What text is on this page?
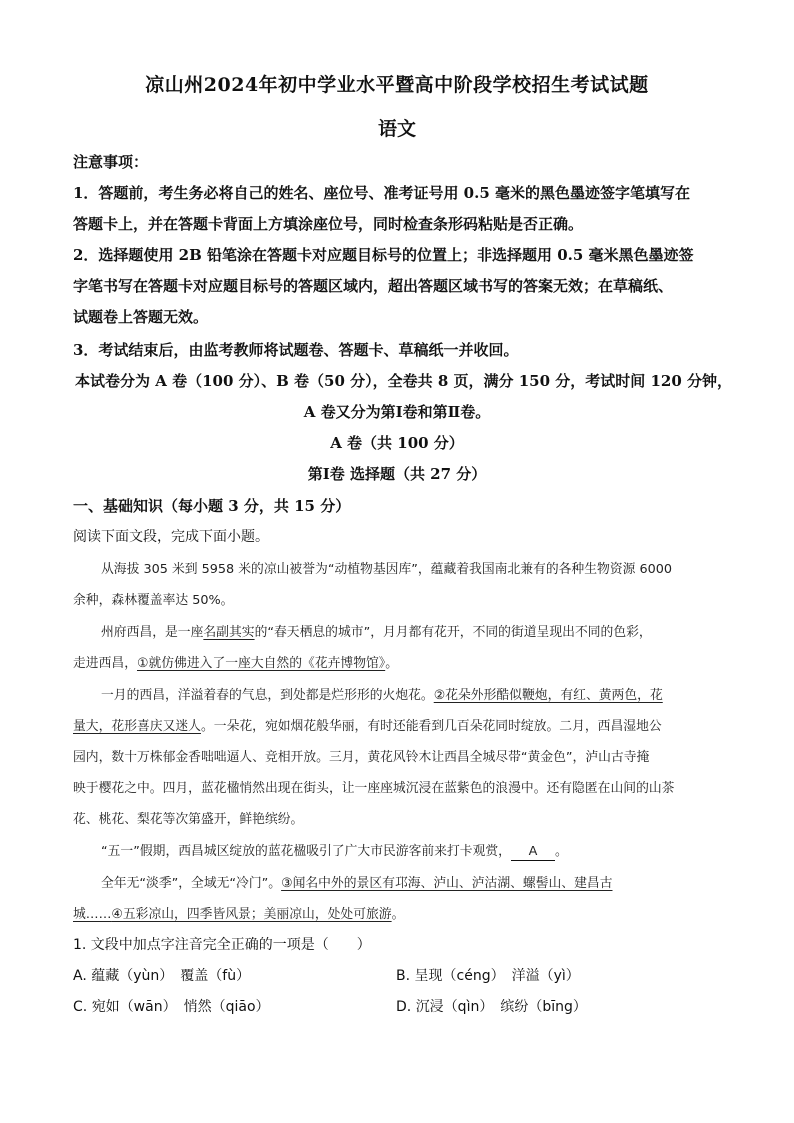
凉山州2024年初中学业水平暨高中阶段学校招生考试试题
语文
注意事项：
1．答题前，考生务必将自己的姓名、座位号、准考证号用 0.5 毫米的黑色墨迹签字笔填写在
答题卡上，并在答题卡背面上方填涂座位号，同时检查条形码粘贴是否正确。
2．选择题使用 2B 铅笔涂在答题卡对应题目标号的位置上；非选择题用 0.5 毫米黑色墨迹签
字笔书写在答题卡对应题目标号的答题区域内，超出答题区域书写的答案无效；在草稿纸、
试题卷上答题无效。
3．考试结束后，由监考教师将试题卷、答题卡、草稿纸一并收回。
本试卷分为 A 卷（100 分）、B 卷（50 分），全卷共 8 页，满分 150 分，考试时间 120 分钟，
A 卷又分为第Ⅰ卷和第Ⅱ卷。
A 卷（共 100 分）
第Ⅰ卷 选择题（共 27 分）
一、基础知识（每小题 3 分，共 15 分）
阅读下面文段，完成下面小题。
从海拔 305 米到 5958 米的凉山被誉为“动植物基因库”，蕴藏着我国南北兼有的各种生物资源 6000
余种，森林覆盖率达 50%。
州府西昌，是一座名副其实的“春天栖息的城市”，月月都有花开，不同的街道呈现出不同的色彩，
走进西昌，①就仿佛进入了一座大自然的《花卉博物馆》。
一月的西昌，洋溢着春的气息，到处都是烂形形的火炮花。②花朵外形酷似鞭炮，有红、黄两色，花
量大，花形喜庆又迷人。一朵花，宛如烟花般华丽，有时还能看到几百朵花同时绽放。二月，西昌湿地公
园内，数十万株郁金香咄咄逼人、竞相开放。三月，黄花风铃木让西昌全城尽带“黄金色”，泸山古寺掩
映于樱花之中。四月，蓝花楹悄然出现在街头，让一座座城沉浸在蓝紫色的浪漫中。还有隐匿在山间的山茶
花、桃花、梨花等次第盛开，鲜艳缤纷。
“五一”假期，西昌城区绽放的蓝花楹吸引了广大市民游客前来打卡观赏， A 。
全年无“淡季”，全域无“冷门”。③闻名中外的景区有邛海、泸山、泸沽湖、螺髻山、建昌古
城……④五彩凉山，四季皆风景；美丽凉山，处处可旅游。
1. 文段中加点字注音完全正确的一项是（　　）
A. 蕴藏（yùn）　 覆盖（fù）	B. 呈现（céng）　 洋溢（yì）
C. 宛如（wān）　 悄然（qiāo）	D. 沉浸（qìn）　 缤纷（bīng）
